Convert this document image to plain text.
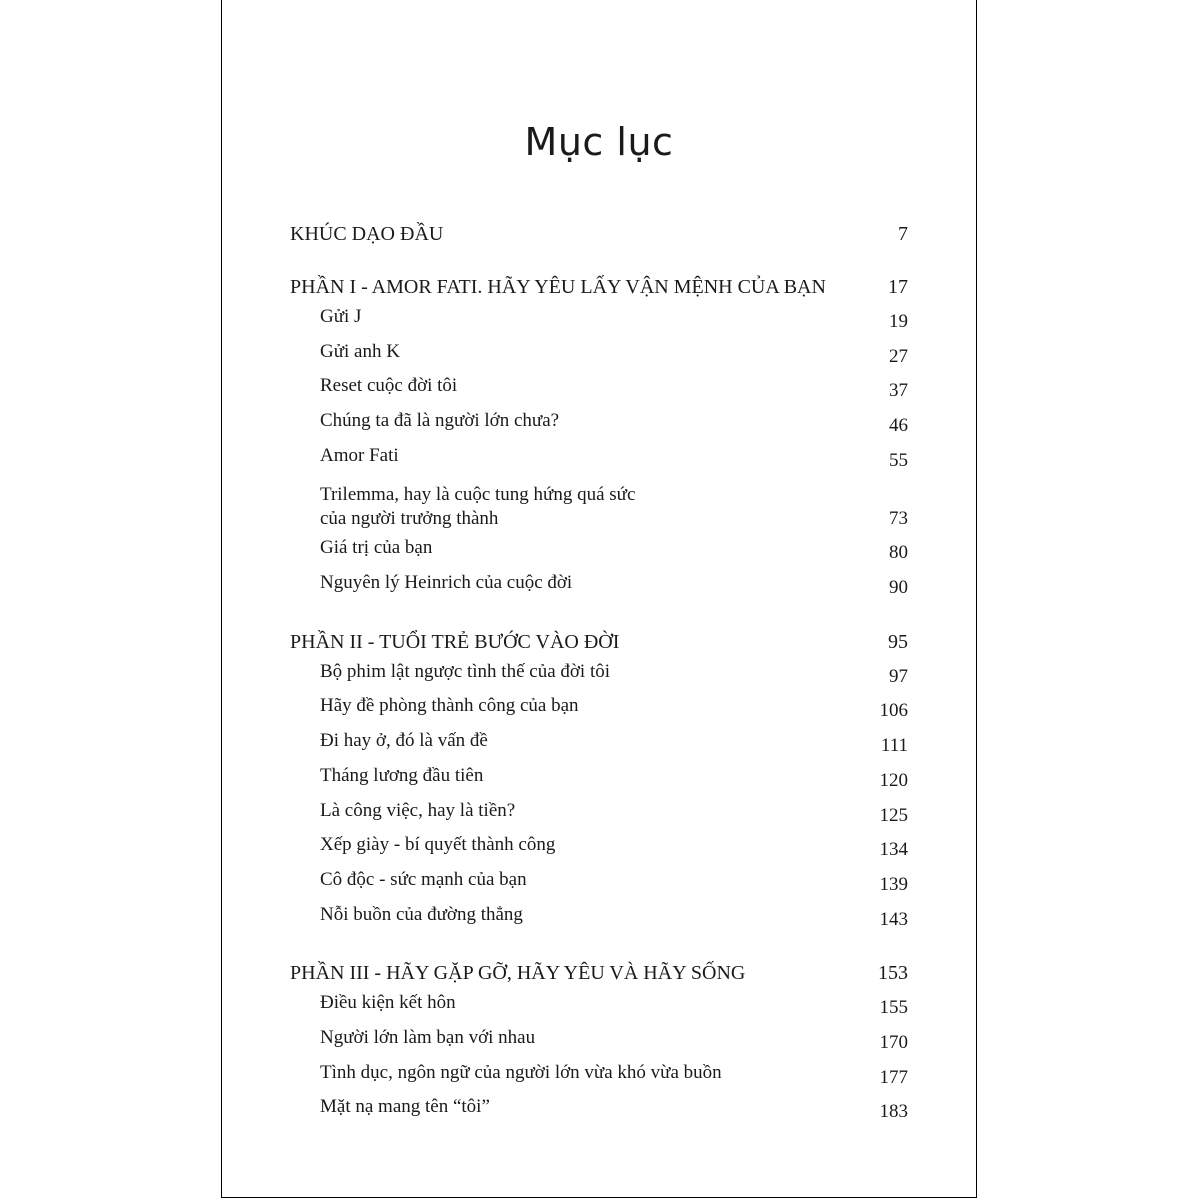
Mục lục
KHÚC DẠO ĐẦU	7
PHẦN I - AMOR FATI. HÃY YÊU LẤY VẬN MỆNH CỦA BẠN	17
Gửi J	19
Gửi anh K	27
Reset cuộc đời tôi	37
Chúng ta đã là người lớn chưa?	46
Amor Fati	55
Trilemma, hay là cuộc tung hứng quá sức
của người trưởng thành	73
Giá trị của bạn	80
Nguyên lý Heinrich của cuộc đời	90
PHẦN II - TUỔI TRẺ BƯỚC VÀO ĐỜI	95
Bộ phim lật ngược tình thế của đời tôi	97
Hãy đề phòng thành công của bạn	106
Đi hay ở, đó là vấn đề	111
Tháng lương đầu tiên	120
Là công việc, hay là tiền?	125
Xếp giày - bí quyết thành công	134
Cô độc - sức mạnh của bạn	139
Nỗi buồn của đường thẳng	143
PHẦN III - HÃY GẶP GỠ, HÃY YÊU VÀ HÃY SỐNG	153
Điều kiện kết hôn	155
Người lớn làm bạn với nhau	170
Tình dục, ngôn ngữ của người lớn vừa khó vừa buồn	177
Mặt nạ mang tên “tôi”	183
